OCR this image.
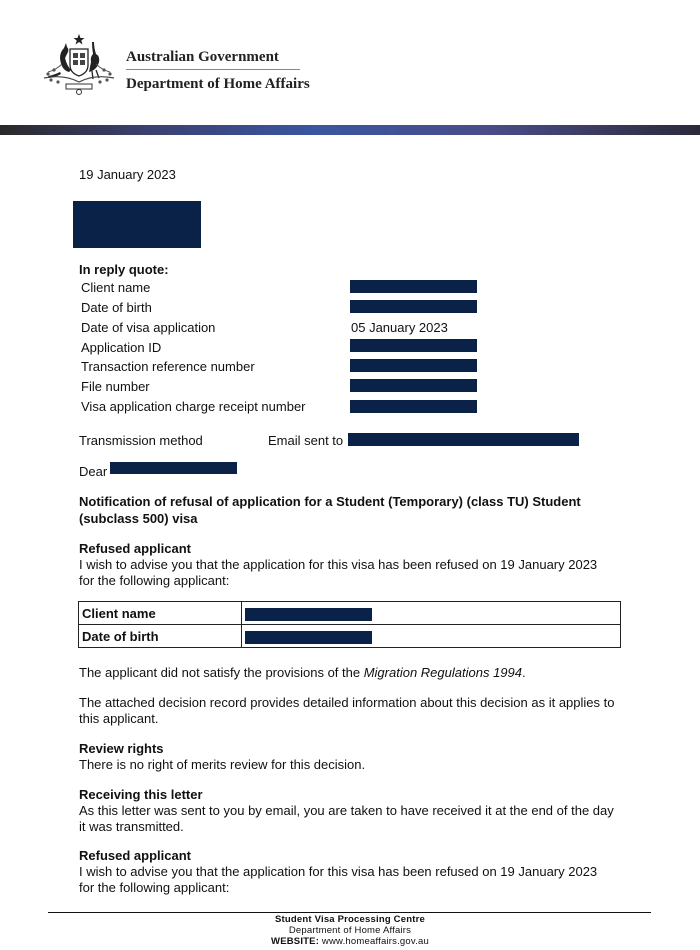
Australian Government
Department of Home Affairs
19 January 2023
In reply quote:
Client name
Date of birth
Date of visa application	05 January 2023
Application ID
Transaction reference number
File number
Visa application charge receipt number
Transmission method	Email sent to
Dear
Notification of refusal of application for a Student (Temporary) (class TU) Student
(subclass 500) visa
Refused applicant
I wish to advise you that the application for this visa has been refused on 19 January 2023
for the following applicant:
Client name	
Date of birth	
The applicant did not satisfy the provisions of the Migration Regulations 1994.
The attached decision record provides detailed information about this decision as it applies to
this applicant.
Review rights
There is no right of merits review for this decision.
Receiving this letter
As this letter was sent to you by email, you are taken to have received it at the end of the day
it was transmitted.
Refused applicant
I wish to advise you that the application for this visa has been refused on 19 January 2023
for the following applicant:
Student Visa Processing Centre
Department of Home Affairs
WEBSITE: www.homeaffairs.gov.au
